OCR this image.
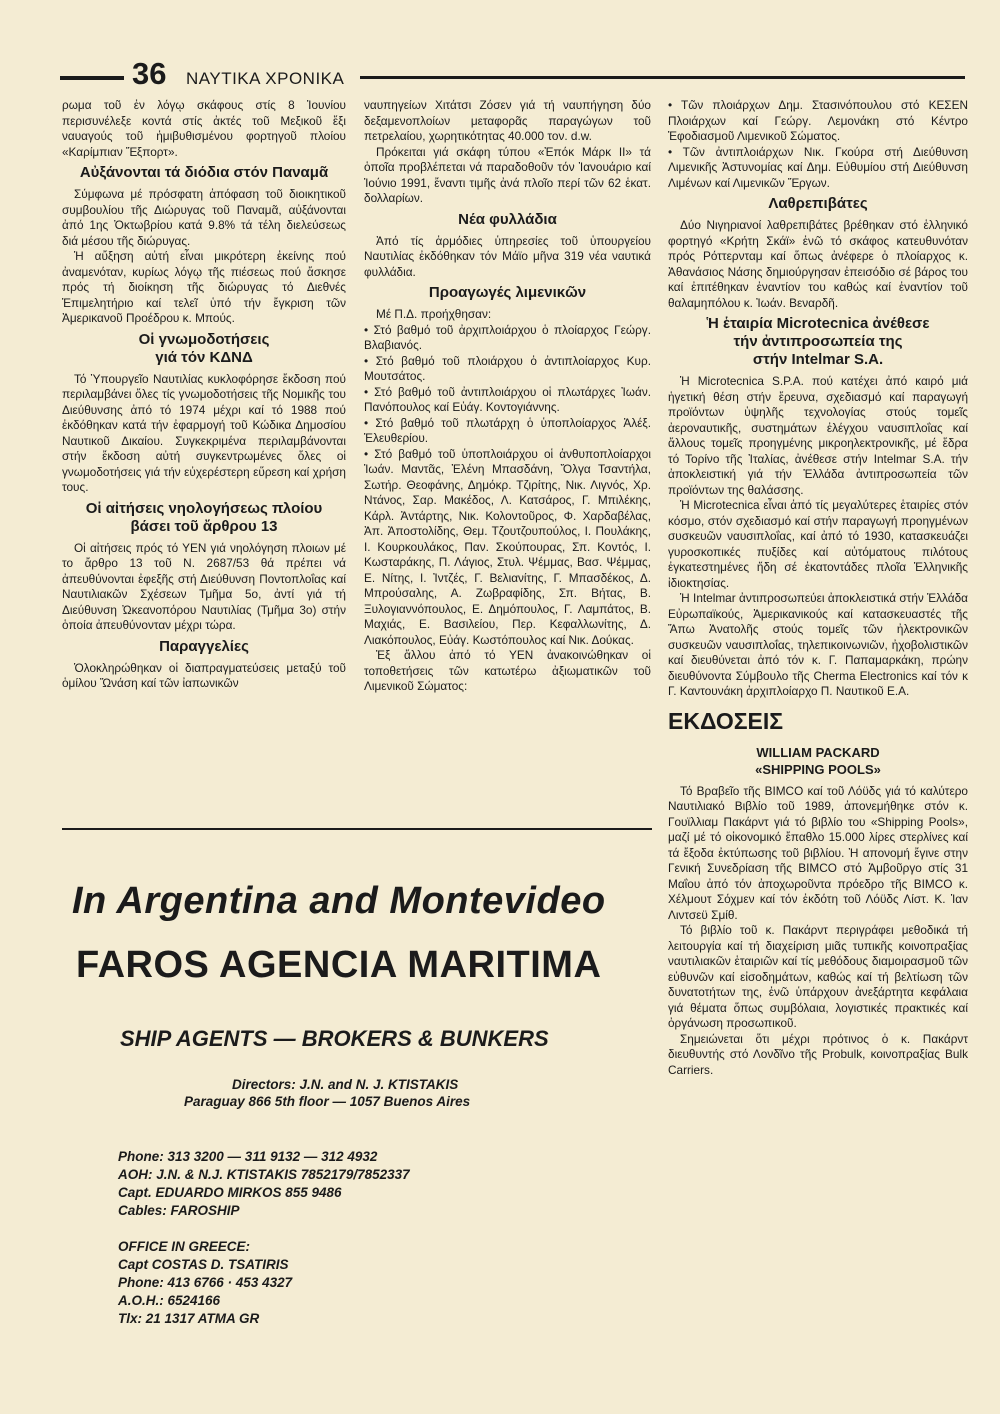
36 ΝΑΥΤΙΚΑ ΧΡΟΝΙΚΑ

ρωμα τοῦ ἐν λόγῳ σκάφους στίς 8 Ἰουνίου περισυνέλεξε κοντά στίς ἀκτές τοῦ Μεξικοῦ ἕξι ναυαγούς τοῦ ἡμιβυθισμένου φορτηγοῦ πλοίου «Καρίμπιαν Ἔξπορτ».

Αὐξάνονται τά διόδια στόν Παναμᾶ

Σύμφωνα μέ πρόσφατη ἀπόφαση τοῦ διοικητικοῦ συμβουλίου τῆς Διώρυγας τοῦ Παναμᾶ, αὐξάνονται ἀπό 1ης Ὀκτωβρίου κατά 9.8% τά τέλη διελεύσεως διά μέσου τῆς διώρυγας.

Ἡ αὔξηση αὐτή εἶναι μικρότερη ἐκείνης πού ἀναμενόταν, κυρίως λόγῳ τῆς πιέσεως πού ἄσκησε πρός τή διοίκηση τῆς διώρυγας τό Διεθνές Ἐπιμελητήριο καί τελεῖ ὑπό τήν ἔγκριση τῶν Ἀμερικανοῦ Προέδρου κ. Μπούς.

Οἱ γνωμοδοτήσεις
γιά τόν ΚΔΝΔ

Τό Ὑπουργεῖο Ναυτιλίας κυκλοφόρησε ἔκδοση πού περιλαμβάνει ὅλες τίς γνωμοδοτήσεις τῆς Νομικῆς του Διεύθυνσης ἀπό τό 1974 μέχρι καί τό 1988 πού ἐκδόθηκαν κατά τήν ἐφαρμογή τοῦ Κώδικα Δημοσίου Ναυτικοῦ Δικαίου. Συγκεκριμένα περιλαμβάνονται στήν ἔκδοση αὐτή συγκεντρωμένες ὅλες οἱ γνωμοδοτήσεις γιά τήν εὐχερέστερη εὕρεση καί χρήση τους.

Οἱ αἰτήσεις νηολογήσεως πλοίου
βάσει τοῦ ἄρθρου 13

Οἱ αἰτήσεις πρός τό ΥΕΝ γιά νηολόγηση πλοιων μέ το ἄρθρο 13 τοῦ Ν. 2687/53 θά πρέπει νά ἀπευθύνονται ἐφεξῆς στή Διεύθυνση Ποντοπλοΐας καί Ναυτιλιακῶν Σχέσεων Τμῆμα 5ο, ἀντί γιά τή Διεύθυνση Ὠκεανοπόρου Ναυτιλίας (Τμῆμα 3ο) στήν ὁποία ἀπευθύνονταν μέχρι τώρα.

Παραγγελίες

Ὁλοκληρώθηκαν οἱ διαπραγματεύσεις μεταξύ τοῦ ὁμίλου Ὤνάση καί τῶν ἰαπωνικῶν

ναυπηγείων Χιτάτσι Ζόσεν γιά τή ναυπήγηση δύο δεξαμενοπλοίων μεταφορᾶς παραγώγων τοῦ πετρελαίου, χωρητικότητας 40.000 τον. d.w.

Πρόκειται γιά σκάφη τύπου «Ἐπόκ Μάρκ ΙΙ» τά ὁποῖα προβλέπεται νά παραδοθοῦν τόν Ἰανουάριο καί Ἰούνιο 1991, ἔναντι τιμῆς ἀνά πλοῖο περί τῶν 62 ἑκατ. δολλαρίων.

Νέα φυλλάδια

Ἀπό τίς ἁρμόδιες ὑπηρεσίες τοῦ ὑπουργείου Ναυτιλίας ἐκδόθηκαν τόν Μάϊο μῆνα 319 νέα ναυτικά φυλλάδια.

Προαγωγές λιμενικῶν

Μέ Π.Δ. προήχθησαν:

• Στό βαθμό τοῦ ἀρχιπλοιάρχου ὁ πλοίαρχος Γεώργ. Βλαβιανός.
• Στό βαθμό τοῦ πλοιάρχου ὁ ἀντιπλοίαρχος Κυρ. Μουτσάτος.
• Στό βαθμό τοῦ ἀντιπλοιάρχου οἱ πλωτάρχες Ἰωάν. Πανόπουλος καί Εὐάγ. Κοντογιάννης.
• Στό βαθμό τοῦ πλωτάρχη ὁ ὑποπλοίαρχος Ἀλέξ. Ἐλευθερίου.
• Στό βαθμό τοῦ ὑποπλοιάρχου οἱ ἀνθυποπλοίαρχοι Ἰωάν. Μαντᾶς, Ἑλένη Μπασδάνη, Ὄλγα Τσαντήλα, Σωτήρ. Θεοφάνης, Δημόκρ. Τζιρίτης, Νικ. Λιγνός, Χρ. Ντάνος, Σαρ. Μακέδος, Λ. Κατσάρος, Γ. Μπιλέκης, Κάρλ. Ἀντάρτης, Νικ. Κολοντοῦρος, Φ. Χαρδαβέλας, Ἀπ. Ἀποστολίδης, Θεμ. Τζουτζουπούλος, Ι. Πουλάκης, Ι. Κουρκουλάκος, Παν. Σκούπουρας, Σπ. Κοντός, Ι. Κωσταράκης, Π. Λάγιος, Στυλ. Ψέμμας, Βασ. Ψέμμας, Ε. Νίτης, Ι. Ἰντζές, Γ. Βελιανίτης, Γ. Μπασδέκος, Δ. Μπρούσαλης, Α. Ζωβραφίδης, Σπ. Βήτας, Β. Ξυλογιαννόπουλος, Ε. Δημόπουλος, Γ. Λαμπάτος, Β. Μαχιάς, Ε. Βασιλείου, Περ. Κεφαλλωνίτης, Δ. Λιακόπουλος, Εὐάγ. Κωστόπουλος καί Νικ. Δούκας.

Ἐξ ἄλλου ἀπό τό ΥΕΝ ἀνακοινώθηκαν οἱ τοποθετήσεις τῶν κατωτέρω ἀξιωματικῶν τοῦ Λιμενικοῦ Σώματος:

• Τῶν πλοιάρχων Δημ. Στασινόπουλου στό ΚΕΣΕΝ Πλοιάρχων καί Γεώργ. Λεμονάκη στό Κέντρο Ἐφοδιασμοῦ Λιμενικοῦ Σώματος.
• Τῶν ἀντιπλοιάρχων Νικ. Γκούρα στή Διεύθυνση Λιμενικῆς Ἀστυνομίας καί Δημ. Εὐθυμίου στή Διεύθυνση Λιμένων καί Λιμενικῶν Ἔργων.
Λαθρεπιβάτες

Δύο Νιγηριανοί λαθρεπιβάτες βρέθηκαν στό ἑλληνικό φορτηγό «Κρήτη Σκάϊ» ἐνῶ τό σκάφος κατευθυνόταν πρός Ρόττερνταμ καί ὅπως ἀνέφερε ὁ πλοίαρχος κ. Ἀθανάσιος Νάσης δημιούργησαν ἐπεισόδιο σέ βάρος του καί ἐπιτέθηκαν ἐναντίον του καθώς καί ἐναντίον τοῦ θαλαμηπόλου κ. Ἰωάν. Βεναρδῆ.

Ἡ ἑταιρία Microtecnica ἀνέθεσε
τήν ἀντιπροσωπεία της
στήν Intelmar S.A.

Ἡ Microtecnica S.P.A. πού κατέχει ἀπό καιρό μιά ἡγετική θέση στήν ἔρευνα, σχεδιασμό καί παραγωγή προϊόντων ὑψηλῆς τεχνολογίας στούς τομεῖς ἀεροναυτικῆς, συστημάτων ἐλέγχου ναυσιπλοΐας καί ἄλλους τομεῖς προηγμένης μικροηλεκτρονικῆς, μέ ἕδρα τό Τορίνο τῆς Ἰταλίας, ἀνέθεσε στήν Intelmar S.A. τήν ἀποκλειστική γιά τήν Ἑλλάδα ἀντιπροσωπεία τῶν προϊόντων της θαλάσσης.

Ἡ Microtecnica εἶναι ἀπό τίς μεγαλύτερες ἑταιρίες στόν κόσμο, στόν σχεδιασμό καί στήν παραγωγή προηγμένων συσκευῶν ναυσιπλοΐας, καί ἀπό τό 1930, κατασκευάζει γυροσκοπικές πυξίδες καί αὐτόματους πιλότους ἐγκατεστημένες ἤδη σέ ἑκατοντάδες πλοῖα Ἑλληνικῆς ἰδιοκτησίας.

Ἡ Intelmar ἀντιπροσωπεύει ἀποκλειστικά στήν Ἑλλάδα Εὐρωπαϊκούς, Ἀμερικανικούς καί κατασκευαστές τῆς Ἄπω Ἀνατολῆς στούς τομεῖς τῶν ἠλεκτρονικῶν συσκευῶν ναυσιπλοΐας, τηλεπικοινωνιῶν, ἠχοβολιστικῶν καί διευθύνεται ἀπό τόν κ. Γ. Παπαμαρκάκη, πρώην διευθύνοντα Σύμβουλο τῆς Cherma Electronics καί τόν κ Γ. Καντουνάκη ἀρχιπλοίαρχο Π. Ναυτικοῦ Ε.Α.

ΕΚΔΟΣΕΙΣ
WILLIAM PACKARD
«SHIPPING POOLS»

Τό Βραβεῖο τῆς BIMCO καί τοῦ Λόϋδς γιά τό καλύτερο Ναυτιλιακό Βιβλίο τοῦ 1989, ἀπονεμήθηκε στόν κ. Γουϊλλιαμ Πακάρντ γιά τό βιβλίο του «Shipping Pools», μαζί μέ τό οἰκονομικό ἔπαθλο 15.000 λίρες στερλίνες καί τά ἔξοδα ἐκτύπωσης τοῦ βιβλίου. Ἡ απονομή ἔγινε στην Γενική Συνεδρίαση τῆς BIMCO στό Ἀμβοῦργο στίς 31 Μαΐου ἀπό τόν ἀποχωροῦντα πρόεδρο τῆς BIMCO κ. Χέλμουτ Σόχμεν καί τόν ἐκδότη τοῦ Λόϋδς Λίστ. Κ. Ἰαν Λιντσεϋ Σμίθ.

Τό βιβλίο τοῦ κ. Πακάρντ περιγράφει μεθοδικά τή λειτουργία καί τή διαχείριση μιᾶς τυπικῆς κοινοπραξίας ναυτιλιακῶν ἑταιριῶν καί τίς μεθόδους διαμοιρασμοῦ τῶν εὐθυνῶν καί εἰσοδημάτων, καθώς καί τή βελτίωση τῶν δυνατοτήτων της, ἐνῶ ὑπάρχουν ἀνεξάρτητα κεφάλαια γιά θέματα ὅπως συμβόλαια, λογιστικές πρακτικές καί ὀργάνωση προσωπικοῦ.

Σημειώνεται ὅτι μέχρι πρότινος ὁ κ. Πακάρντ διευθυντής στό Λονδῖνο τῆς Probulk, κοινοπραξίας Bulk Carriers.

In Argentina and Montevideo
FAROS AGENCIA MARITIMA
SHIP AGENTS — BROKERS & BUNKERS
Directors: J.N. and N. J. KTISTAKIS
Paraguay 866 5th floor — 1057 Buenos Aires
Phone: 313 3200 — 311 9132 — 312 4932
AOH: J.N. & N.J. KTISTAKIS 7852179/7852337
Capt. EDUARDO MIRKOS 855 9486
Cables: FAROSHIP
OFFICE IN GREECE:
Capt COSTAS D. TSATIRIS
Phone: 413 6766 · 453 4327
A.O.H.: 6524166
Tlx: 21 1317 ATMA GR
